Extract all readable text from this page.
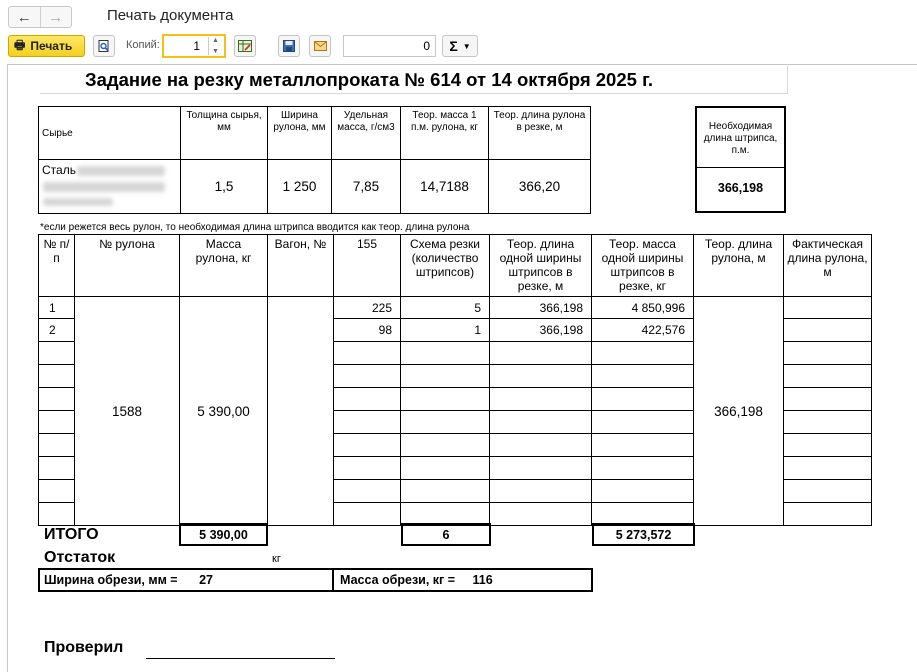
← →	Печать документа
🖶 Печать	Копий:	1	▲
▼	0	Σ ▼
Задание на резку металлопроката № 614 от 14 октября 2025 г.
Сырье	Толщина сырья, мм	Ширина рулона, мм	Удельная масса, г/см3	Теор. масса 1 п.м. рулона, кг	Теор. длина рулона в резке, м
Сталь	1,5	1 250	7,85	14,7188	366,20
Необходимая длина штрипса, п.м.
366,198
*если режется весь рулон, то необходимая длина штрипса вводится как теор. длина рулона
№ п/п	№ рулона	Масса рулона, кг	Вагон, №	155	Схема резки (количество штрипсов)	Теор. длина одной ширины штрипсов в резке, м	Теор. масса одной ширины штрипсов в резке, кг	Теор. длина рулона, м	Фактическая длина рулона, м
1	1588	5 390,00		225	5	366,198	4 850,996	366,198	
2				98	1	366,198	422,576		

ИТОГО	5 390,00	6	5 273,572
Отстаток	кг
Ширина обрези, мм = 27	Масса обрези, кг = 116
Проверил
